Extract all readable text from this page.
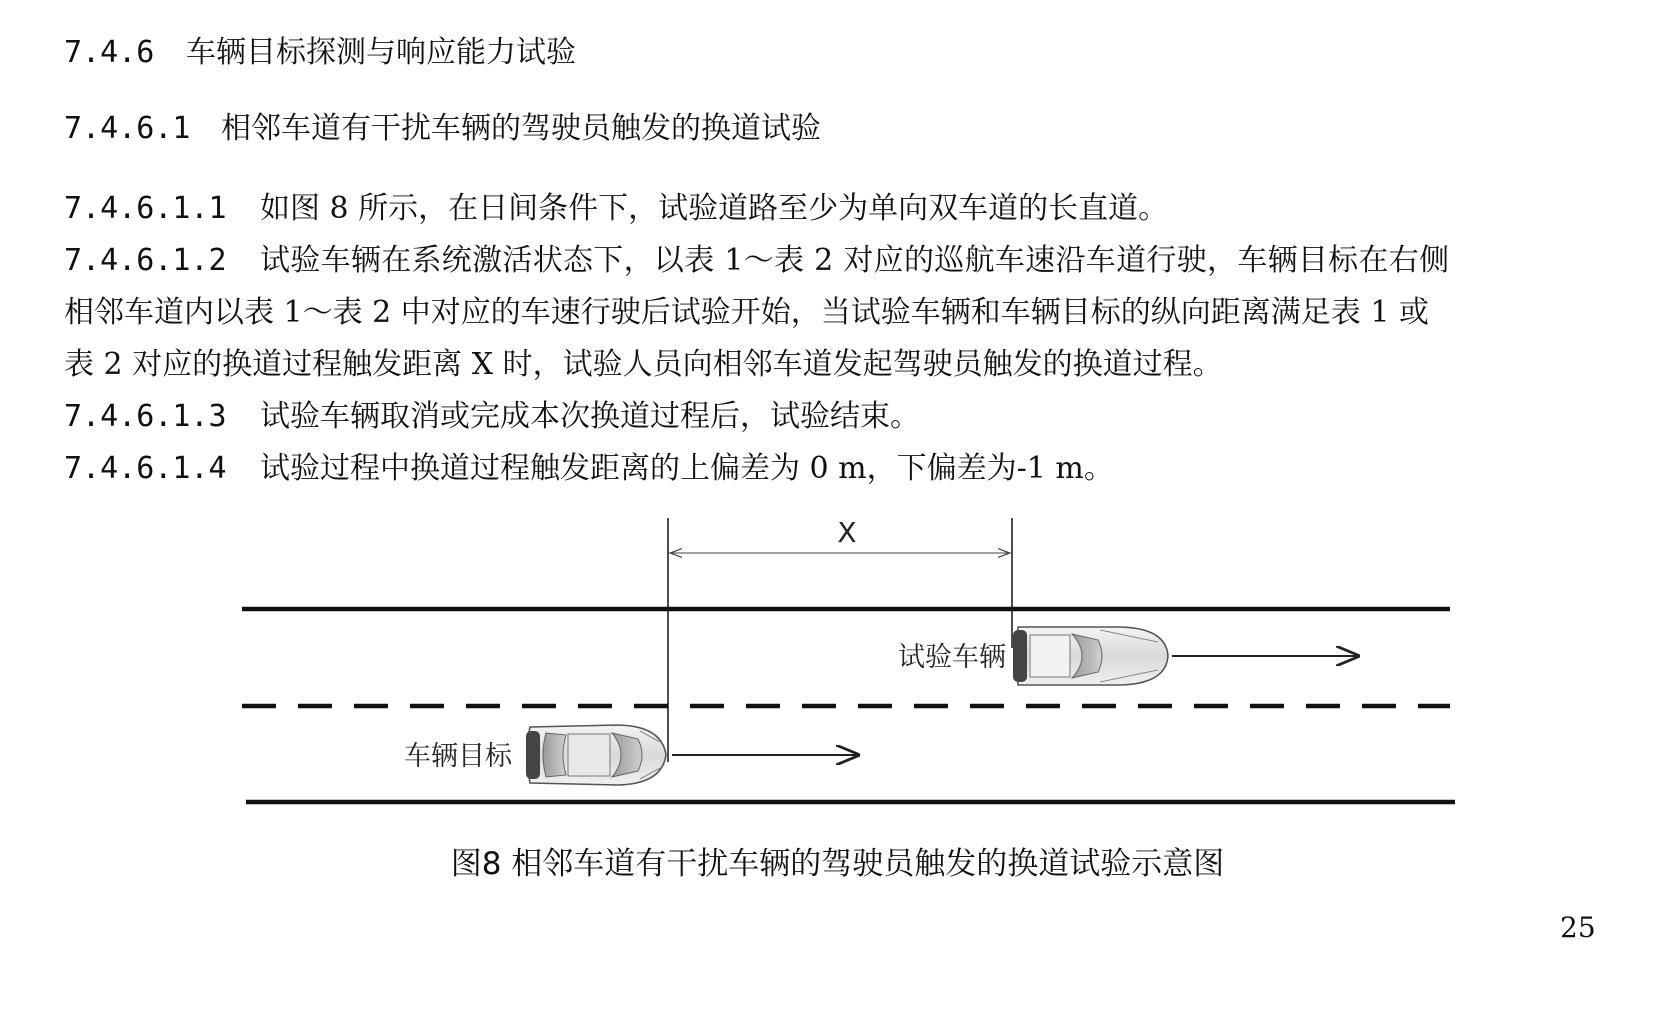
7.4.6 车辆目标探测与响应能力试验
7.4.6.1 相邻车道有干扰车辆的驾驶员触发的换道试验
7.4.6.1.1 如图 8 所示，在日间条件下，试验道路至少为单向双车道的长直道。
7.4.6.1.2 试验车辆在系统激活状态下，以表 1～表 2 对应的巡航车速沿车道行驶，车辆目标在右侧
相邻车道内以表 1～表 2 中对应的车速行驶后试验开始，当试验车辆和车辆目标的纵向距离满足表 1 或
表 2 对应的换道过程触发距离 X 时，试验人员向相邻车道发起驾驶员触发的换道过程。
7.4.6.1.3 试验车辆取消或完成本次换道过程后，试验结束。
7.4.6.1.4 试验过程中换道过程触发距离的上偏差为 0 m，下偏差为-1 m。
X
试验车辆
车辆目标
图8 相邻车道有干扰车辆的驾驶员触发的换道试验示意图
25
